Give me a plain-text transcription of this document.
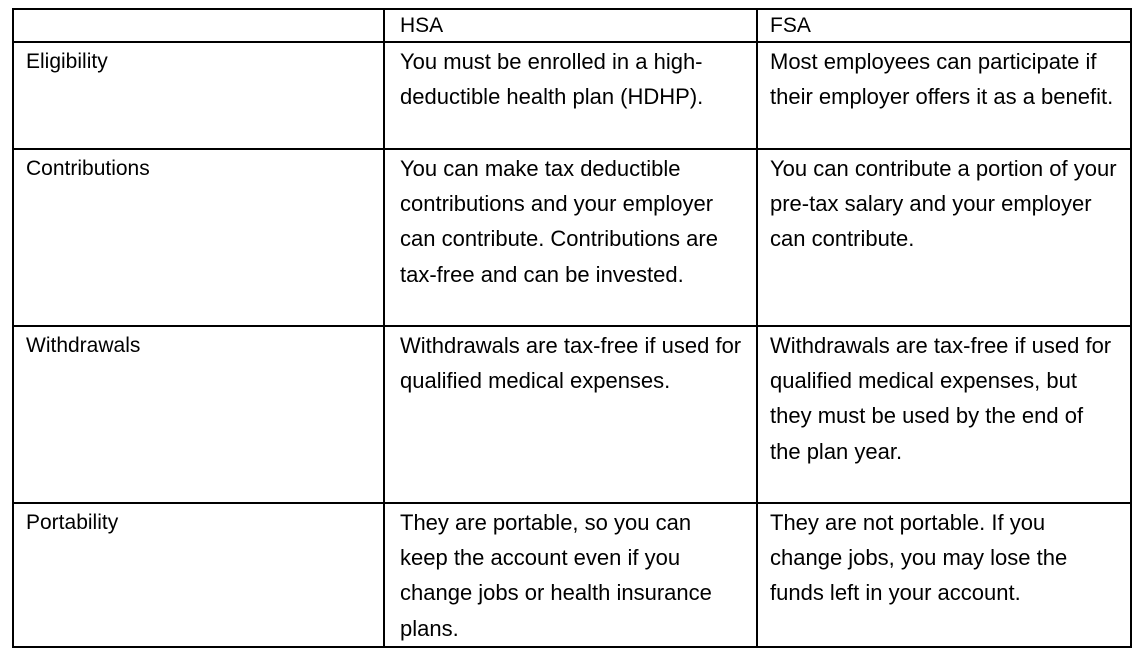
	HSA	FSA
Eligibility	You must be enrolled in a high-deductible health plan (HDHP).	Most employees can participate if their employer offers it as a benefit.
Contributions	You can make tax deductible contributions and your employer can contribute. Contributions are tax-free and can be invested.	You can contribute a portion of your pre-tax salary and your employer can contribute.
Withdrawals	Withdrawals are tax-free if used for qualified medical expenses.	Withdrawals are tax-free if used for qualified medical expenses, but they must be used by the end of the plan year.
Portability	They are portable, so you can keep the account even if you change jobs or health insurance plans.	They are not portable. If you change jobs, you may lose the funds left in your account.
